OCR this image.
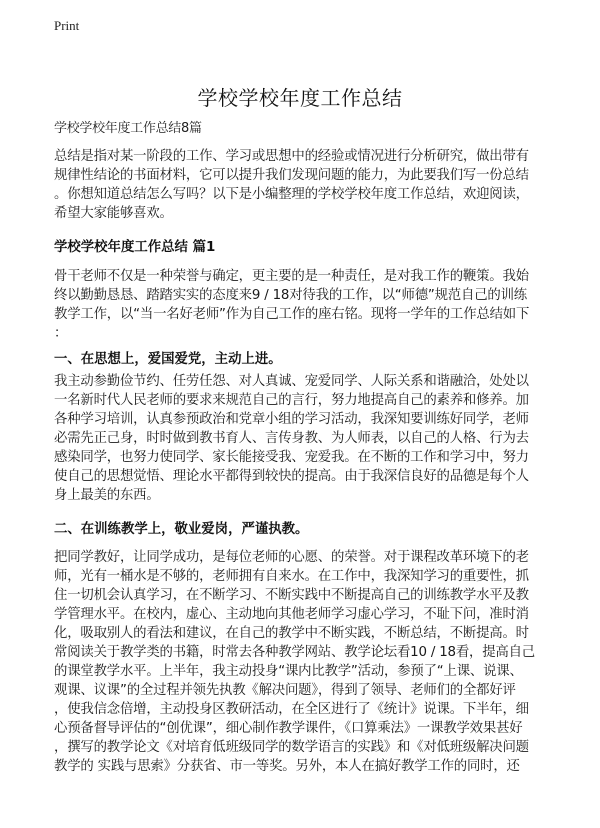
Print
学校学校年度工作总结
学校学校年度工作总结8篇
总结是指对某一阶段的工作、学习或思想中的经验或情况进行分析研究，做出带有
规律性结论的书面材料，它可以提升我们发现问题的能力，为此要我们写一份总结
。你想知道总结怎么写吗？以下是小编整理的学校学校年度工作总结，欢迎阅读，
希望大家能够喜欢。
学校学校年度工作总结 篇1
骨干老师不仅是一种荣誉与确定，更主要的是一种责任，是对我工作的鞭策。我始
终以勤勤恳恳、踏踏实实的态度来9 / 18对待我的工作，以“师德”规范自己的训练
教学工作，以“当一名好老师”作为自己工作的座右铭。现将一学年的工作总结如下
：
一、在思想上，爱国爱党，主动上进。
我主动参勤俭节约、任劳任怨、对人真诚、宠爱同学、人际关系和谐融洽，处处以
一名新时代人民老师的要求来规范自己的言行，努力地提高自己的素养和修养。加
各种学习培训，认真参预政治和党章小组的学习活动，我深知要训练好同学，老师
必需先正己身，时时做到教书育人、言传身教、为人师表，以自己的人格、行为去
感染同学，也努力使同学、家长能接受我、宠爱我。在不断的工作和学习中，努力
使自己的思想觉悟、理论水平都得到较快的提高。由于我深信良好的品德是每个人
身上最美的东西。
二、在训练教学上，敬业爱岗，严谨执教。
把同学教好，让同学成功，是每位老师的心愿、的荣誉。对于课程改革环境下的老
师，光有一桶水是不够的，老师拥有自来水。在工作中，我深知学习的重要性，抓
住一切机会认真学习，在不断学习、不断实践中不断提高自己的训练教学水平及教
学管理水平。在校内，虚心、主动地向其他老师学习虚心学习，不耻下问，准时消
化，吸取别人的看法和建议，在自己的教学中不断实践，不断总结，不断提高。时
常阅读关于教学类的书籍，时常去各种教学网站、教学论坛看10 / 18看，提高自己
的课堂教学水平。上半年，我主动投身“课内比教学”活动，参预了“上课、说课、
观课、议课”的全过程并领先执教《解决问题》，得到了领导、老师们的全都好评
，使我信念倍增，主动投身区教研活动，在全区进行了《统计》说课。下半年，细
心预备督导评估的“创优课”，细心制作教学课件，《口算乘法》一课教学效果甚好
，撰写的教学论文《对培育低班级同学的数学语言的实践》和《对低班级解决问题
教学的 实践与思索》分获省、市一等奖。另外，本人在搞好教学工作的同时，还
